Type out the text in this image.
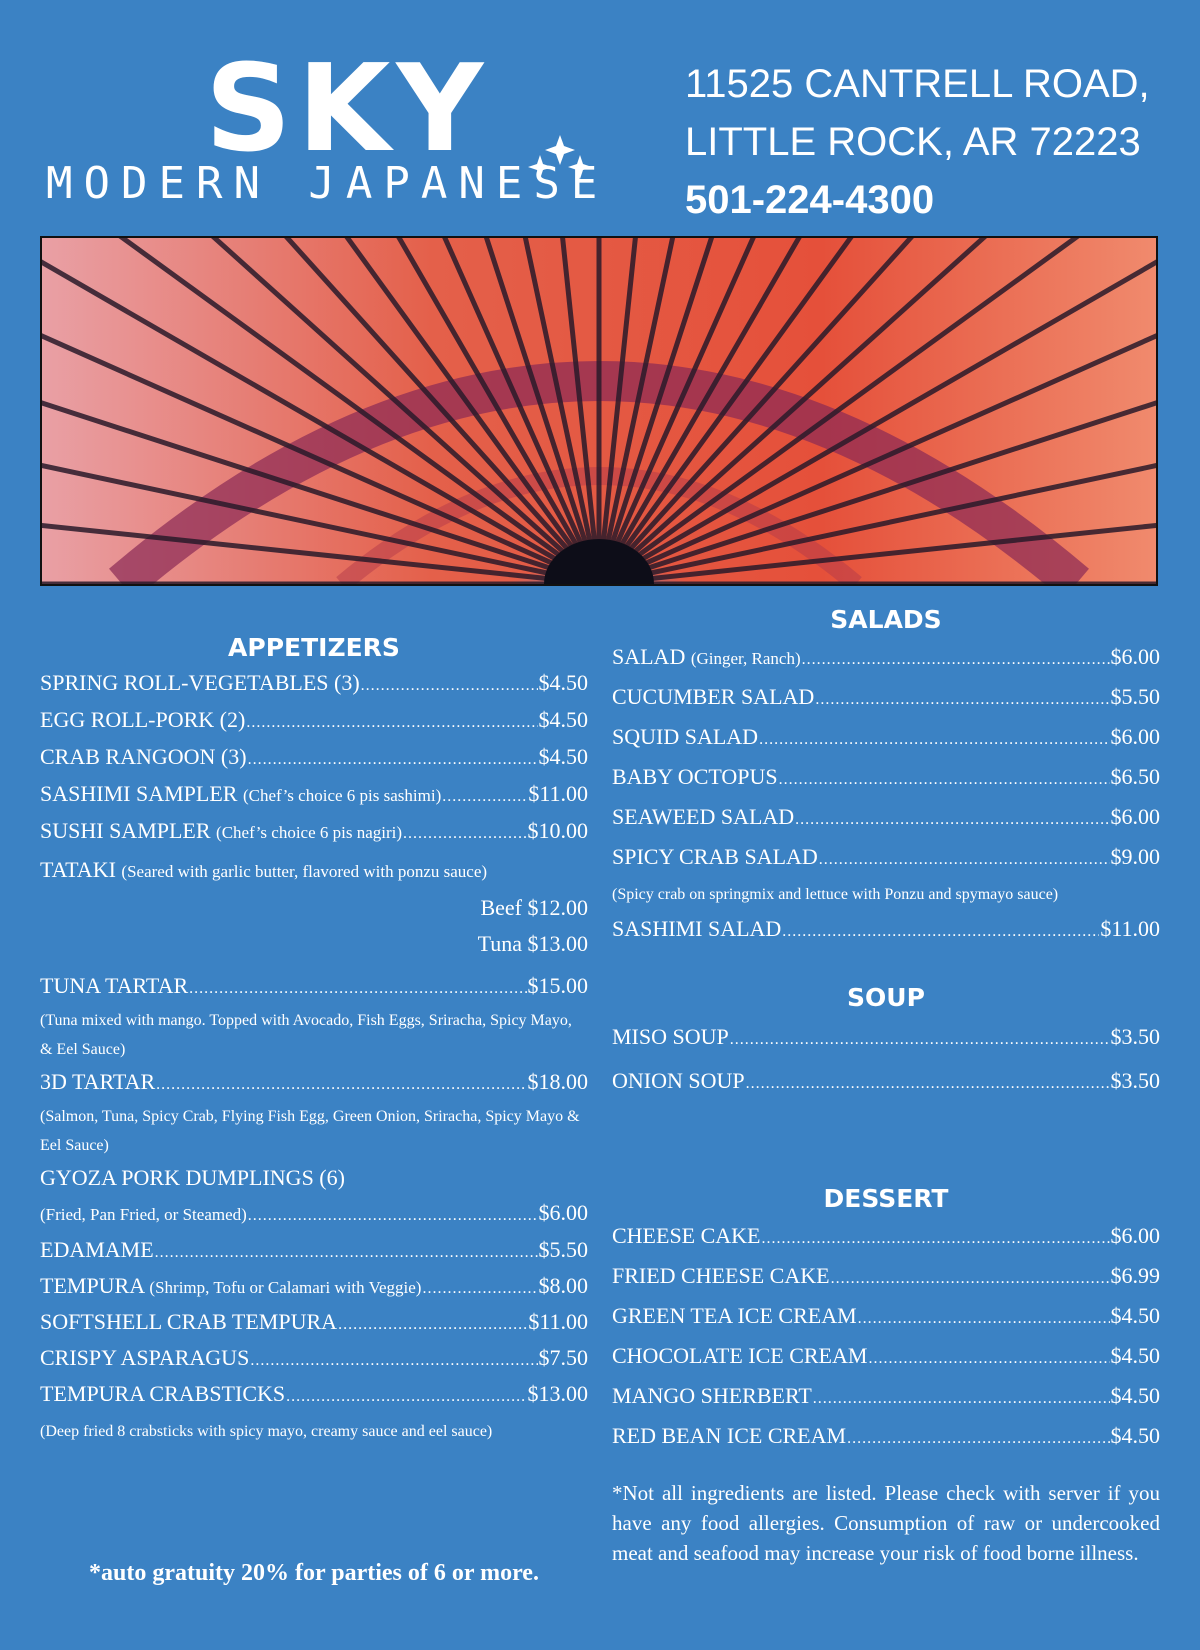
SKY
MODERN JAPANESE
11525 CANTRELL ROAD,
LITTLE ROCK, AR 72223
501-224-4300
APPETIZERS
SPRING ROLL-VEGETABLES (3) .....	$4.50
EGG ROLL-PORK (2) .....	$4.50
CRAB RANGOON (3) .....	$4.50
SASHIMI SAMPLER (Chef’s choice 6 pis sashimi) .....	$11.00
SUSHI SAMPLER (Chef’s choice 6 pis nagiri) .....	$10.00
TATAKI (Seared with garlic butter, flavored with ponzu sauce)
Beef $12.00
Tuna $13.00
TUNA TARTAR .....	$15.00
(Tuna mixed with mango. Topped with Avocado, Fish Eggs, Sriracha, Spicy Mayo, & Eel Sauce)
3D TARTAR .....	$18.00
(Salmon, Tuna, Spicy Crab, Flying Fish Egg, Green Onion, Sriracha, Spicy Mayo & Eel Sauce)
GYOZA PORK DUMPLINGS (6)
(Fried, Pan Fried, or Steamed) .....	$6.00
EDAMAME .....	$5.50
TEMPURA (Shrimp, Tofu or Calamari with Veggie) .....	$8.00
SOFTSHELL CRAB TEMPURA .....	$11.00
CRISPY ASPARAGUS .....	$7.50
TEMPURA CRABSTICKS .....	$13.00
(Deep fried 8 crabsticks with spicy mayo, creamy sauce and eel sauce)
SALADS
SALAD (Ginger, Ranch) .....	$6.00
CUCUMBER SALAD .....	$5.50
SQUID SALAD .....	$6.00
BABY OCTOPUS .....	$6.50
SEAWEED SALAD .....	$6.00
SPICY CRAB SALAD .....	$9.00
(Spicy crab on springmix and lettuce with Ponzu and spymayo sauce)
SASHIMI SALAD .....	$11.00
SOUP
MISO SOUP .....	$3.50
ONION SOUP .....	$3.50
DESSERT
CHEESE CAKE .....	$6.00
FRIED CHEESE CAKE .....	$6.99
GREEN TEA ICE CREAM .....	$4.50
CHOCOLATE ICE CREAM .....	$4.50
MANGO SHERBERT .....	$4.50
RED BEAN ICE CREAM .....	$4.50
*Not all ingredients are listed. Please check with server if you have any food allergies. Consumption of raw or undercooked meat and seafood may increase your risk of food borne illness.
*auto gratuity 20% for parties of 6 or more.
